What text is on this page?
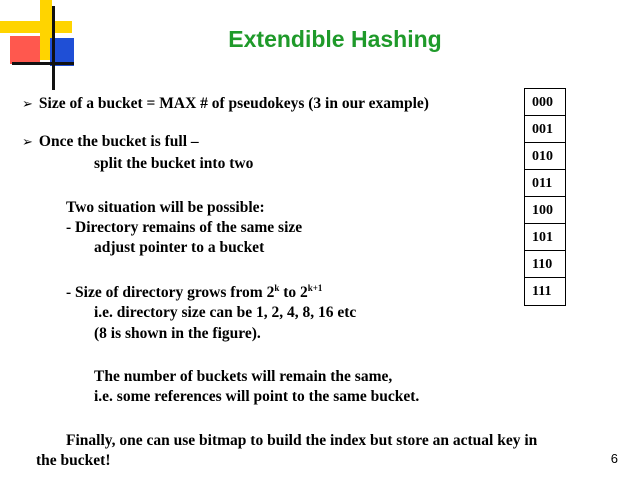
Extendible Hashing
➢ Size of a bucket = MAX # of pseudokeys (3 in our example)
➢ Once the bucket is full –
split the bucket into two
Two situation will be possible:
- Directory remains of the same size
adjust pointer to a bucket
- Size of directory grows from 2$^k$ to $2^{k+1}$
i.e. directory size can be 1, 2, 4, 8, 16 etc
(8 is shown in the figure).
The number of buckets will remain the same,
i.e. some references will point to the same bucket.
Finally, one can use bitmap to build the index but store an actual key in
the bucket!
000
001
010
011
100
101
110
111
6
